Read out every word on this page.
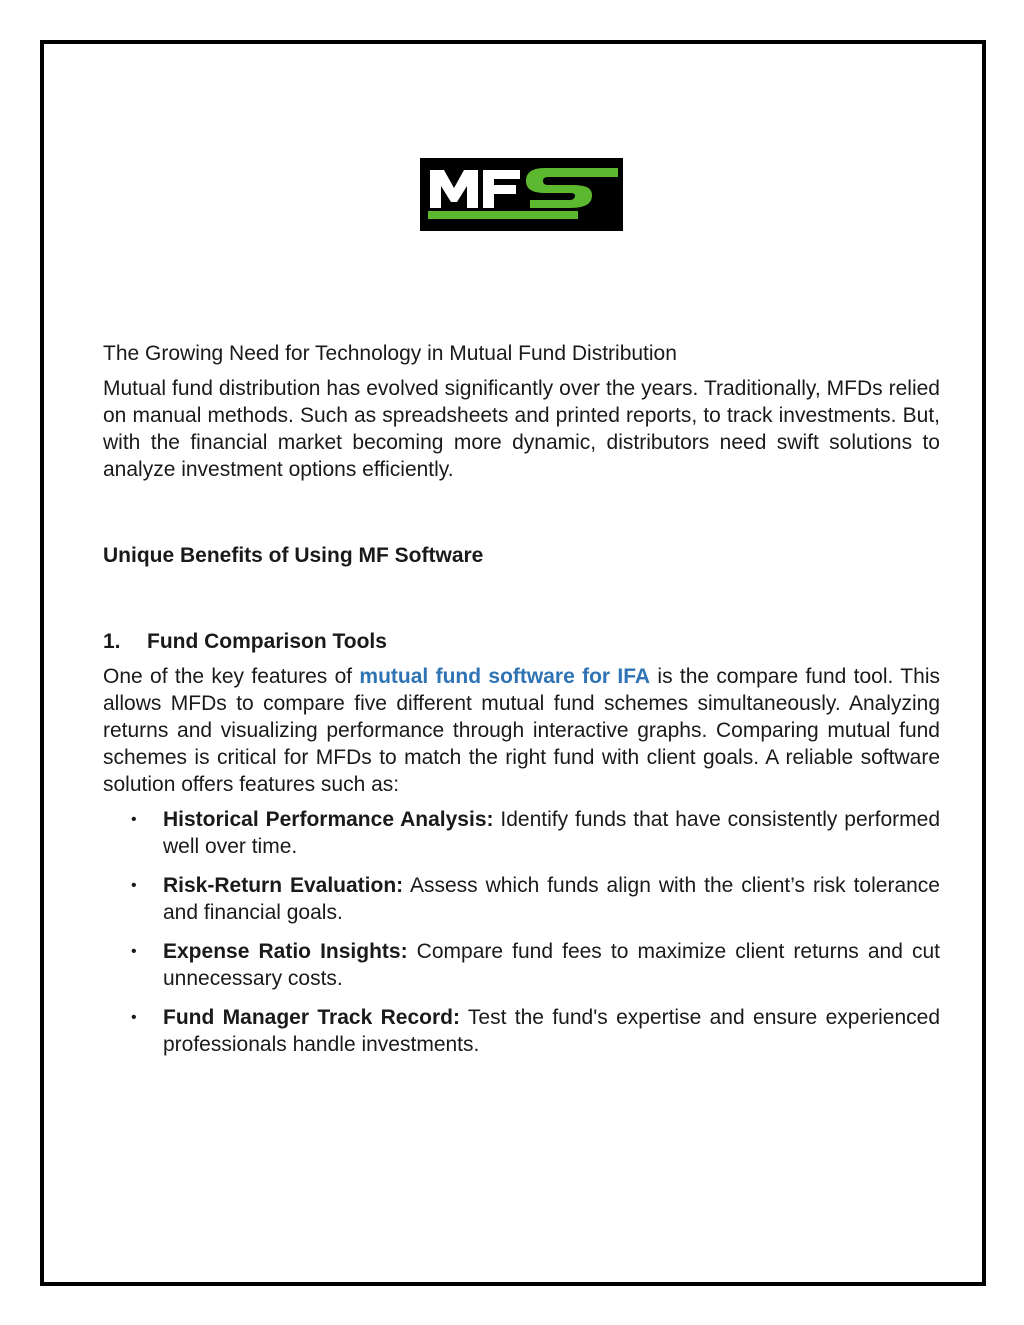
The Growing Need for Technology in Mutual Fund Distribution

Mutual fund distribution has evolved significantly over the years. Traditionally, MFDs relied on manual methods. Such as spreadsheets and printed reports, to track investments. But, with the financial market becoming more dynamic, distributors need swift solutions to analyze investment options efficiently.

Unique Benefits of Using MF Software

1. Fund Comparison Tools

One of the key features of mutual fund software for IFA is the compare fund tool. This allows MFDs to compare five different mutual fund schemes simultaneously. Analyzing returns and visualizing performance through interactive graphs. Comparing mutual fund schemes is critical for MFDs to match the right fund with client goals. A reliable software solution offers features such as:

• Historical Performance Analysis: Identify funds that have consistently performed well over time.
• Risk-Return Evaluation: Assess which funds align with the client’s risk tolerance and financial goals.
• Expense Ratio Insights: Compare fund fees to maximize client returns and cut unnecessary costs.
• Fund Manager Track Record: Test the fund's expertise and ensure experienced professionals handle investments.
